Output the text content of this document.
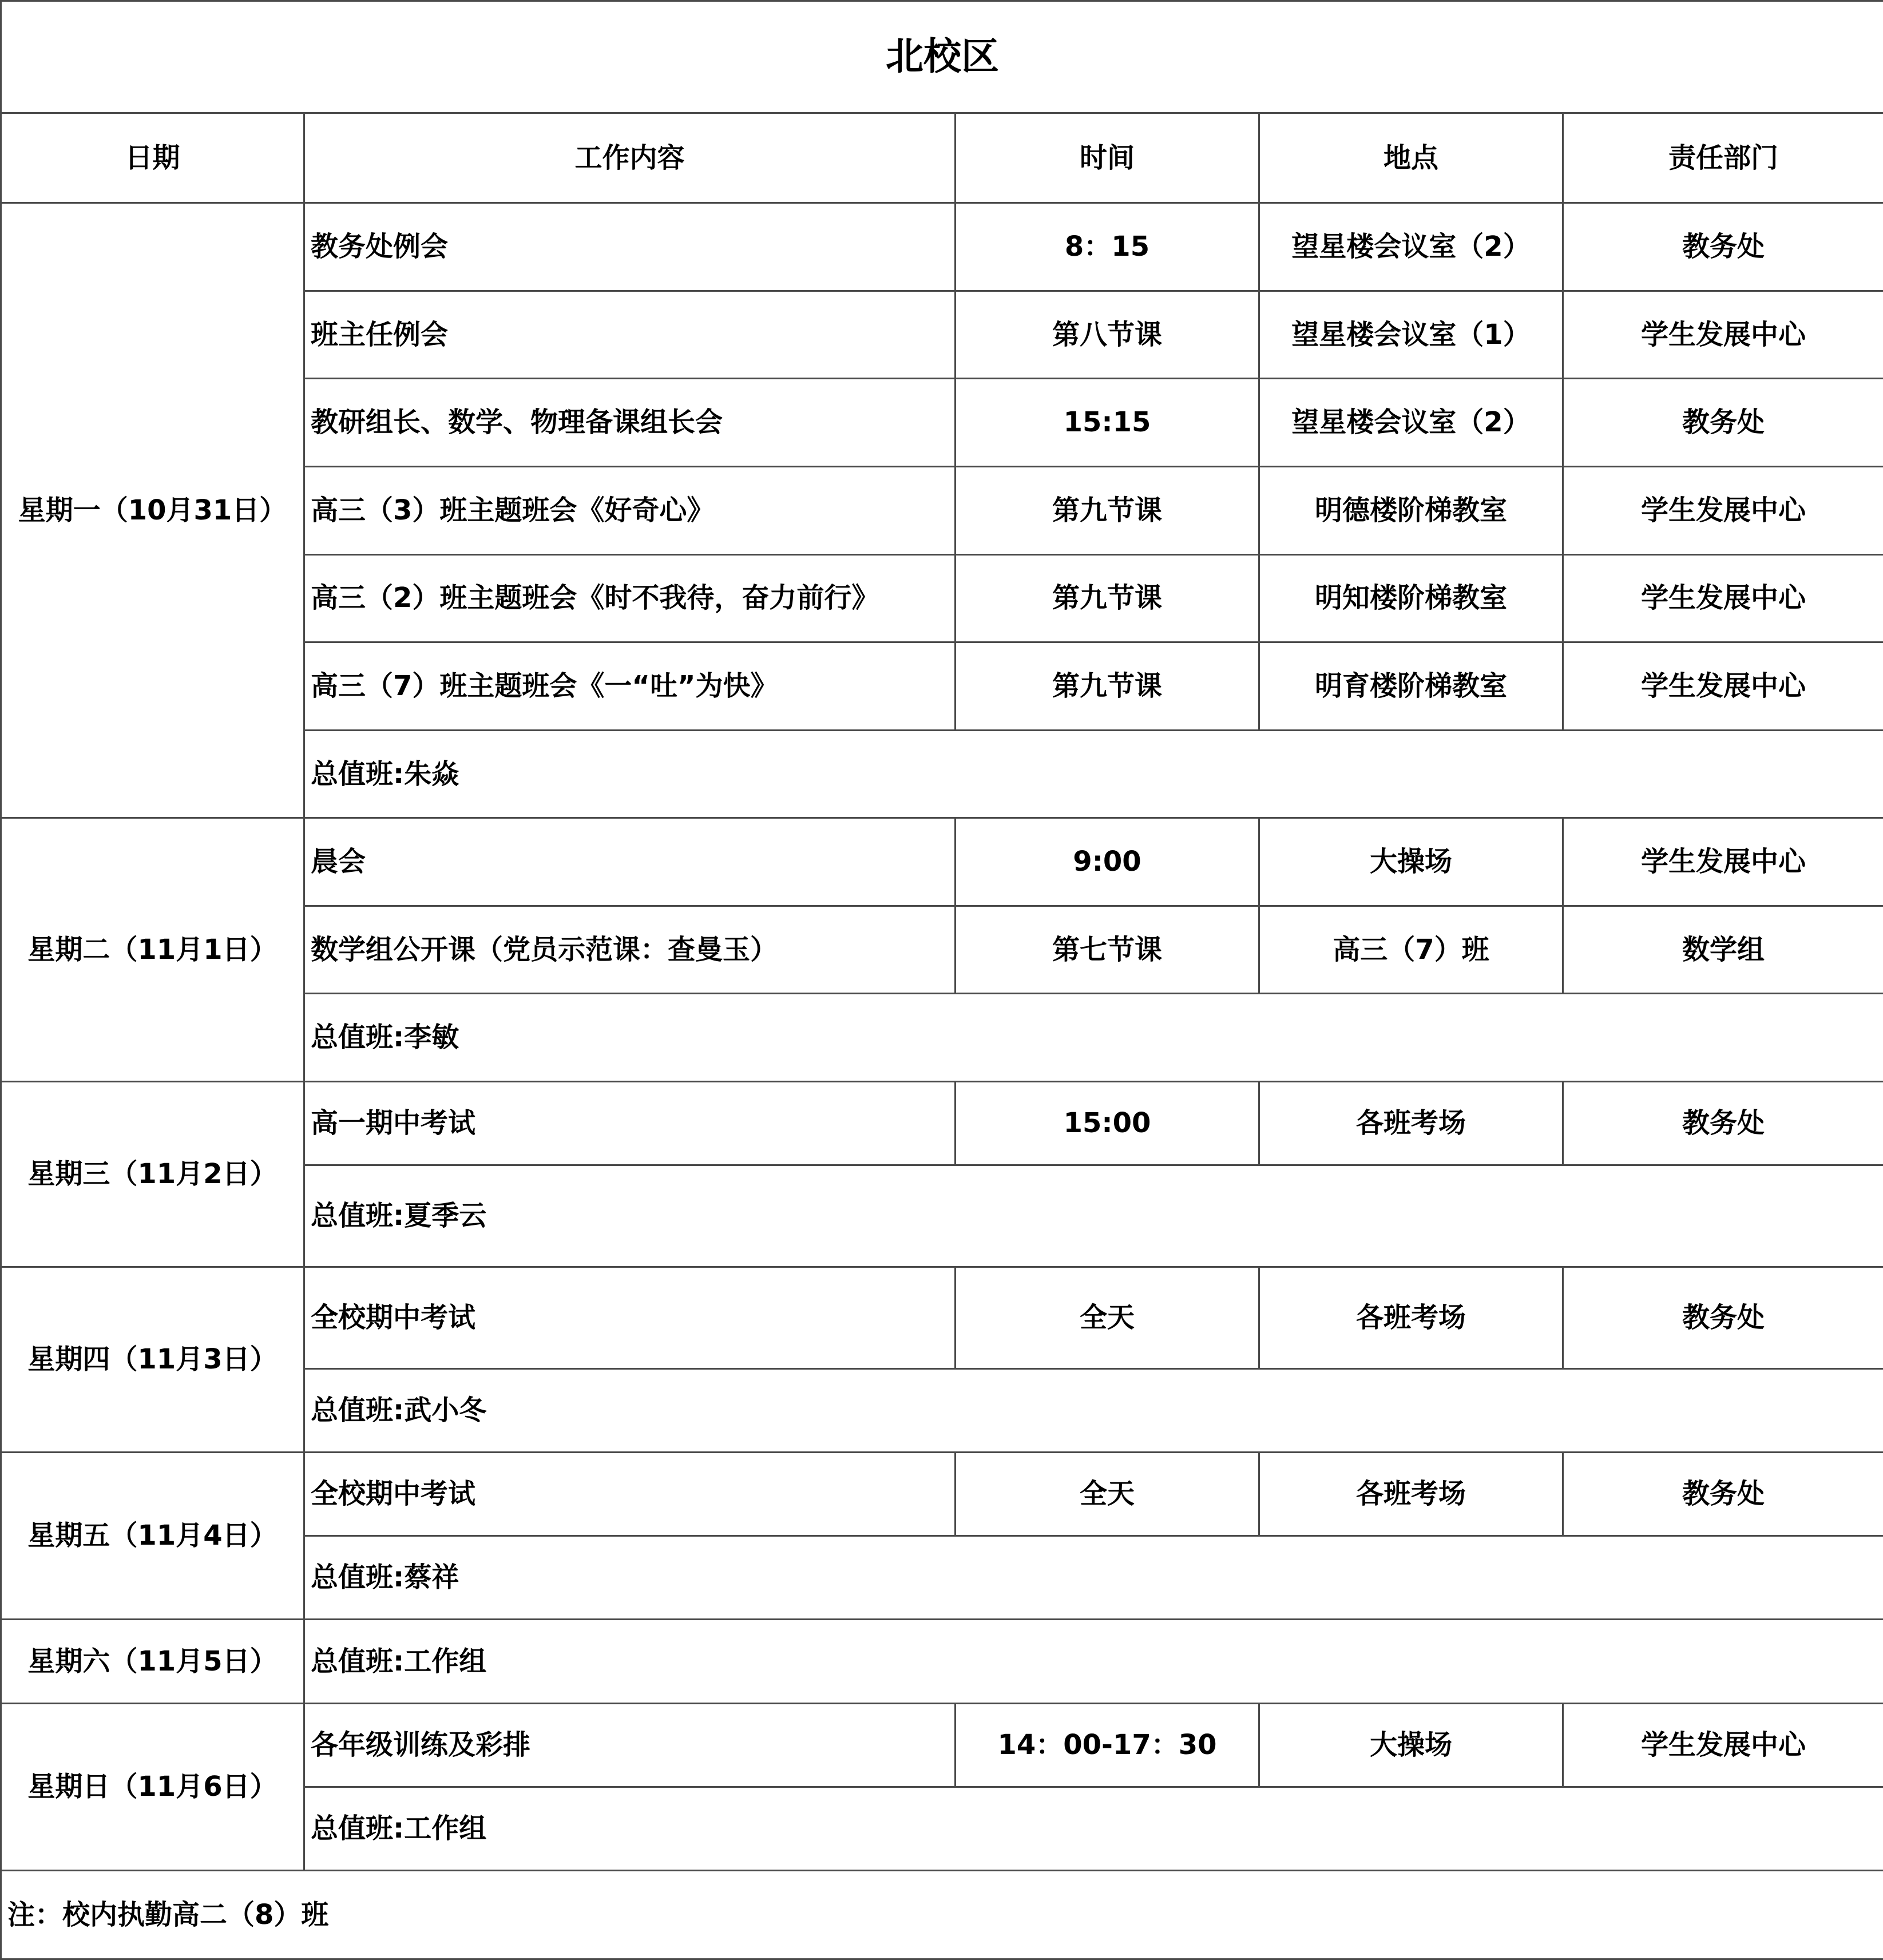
北校区				
日期	工作内容	时间	地点	责任部门
星期一（10月31日）	教务处例会	8：15	望星楼会议室（2）	教务处
	班主任例会	第八节课	望星楼会议室（1）	学生发展中心
	教研组长、数学、物理备课组长会	15:15	望星楼会议室（2）	教务处
	高三（3）班主题班会《好奇心》	第九节课	明德楼阶梯教室	学生发展中心
	高三（2）班主题班会《时不我待，奋力前行》	第九节课	明知楼阶梯教室	学生发展中心
	高三（7）班主题班会《一“吐”为快》	第九节课	明育楼阶梯教室	学生发展中心
	总值班:朱焱			
星期二（11月1日）	晨会	9:00	大操场	学生发展中心
	数学组公开课（党员示范课：查曼玉）	第七节课	高三（7）班	数学组
	总值班:李敏			
星期三（11月2日）	高一期中考试	15:00	各班考场	教务处
	总值班:夏季云			
星期四（11月3日）	全校期中考试	全天	各班考场	教务处
	总值班:武小冬			
星期五（11月4日）	全校期中考试	全天	各班考场	教务处
	总值班:蔡祥			
星期六（11月5日）	总值班:工作组			
星期日（11月6日）	各年级训练及彩排	14：00-17：30	大操场	学生发展中心
	总值班:工作组			
注：校内执勤高二（8）班				
